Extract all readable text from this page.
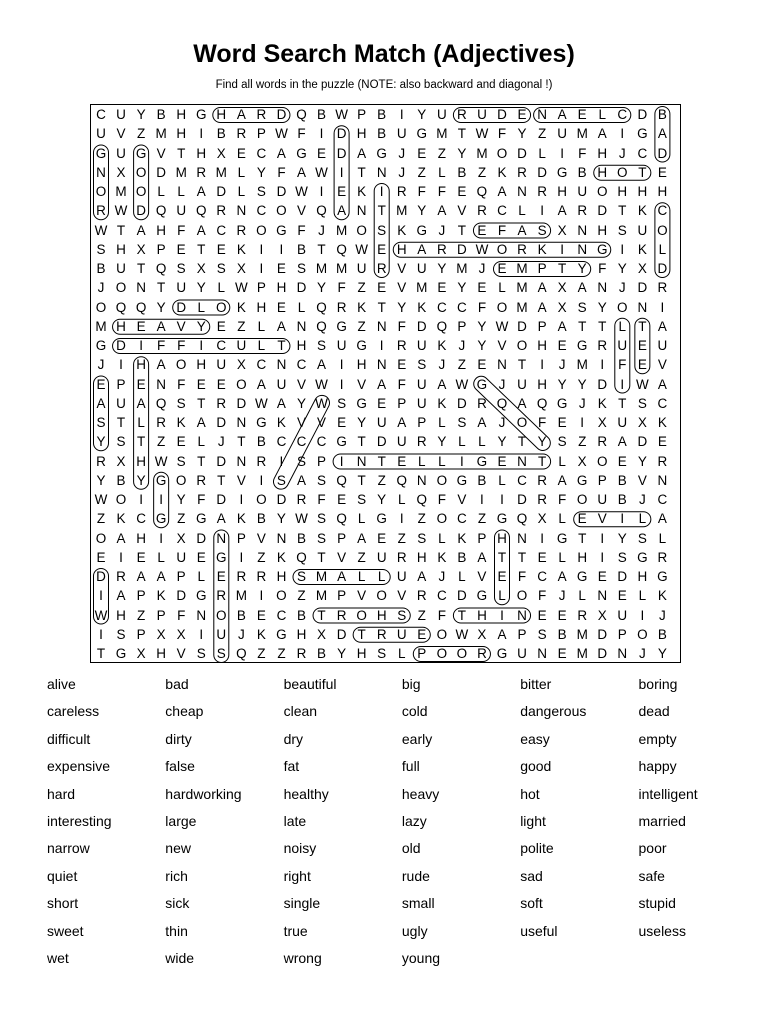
Word Search Match (Adjectives)
Find all words in the puzzle (NOTE: also backward and diagonal !)
C U Y B H G H A R D Q B W P B	I	Y U R U D E N A E L C D B
U V Z M H I	B R P W F	I D H B U G M T W F Y Z U M A	I G A
G U G V T H X E C A G E D A G J E Z Y M O D L	I	F H J C D
N X O D M R M L Y F A W I	T N J Z L B Z K R D G B H O T E
O M O L L A D L S D W I	E K	I R F F E Q A N R H U O H H H
R W D Q U Q R N C O V Q A N T M Y A V R C L	I	A R D T K C
W T A H F A C R O G F J M O S K G J T E F A S X N H S U O
S H X P E T E K	I	I	B T Q W E H A R D W O R K	I N G I	K L
B U T Q S X S X	I	E S M M U R V U Y M J E M P T Y F Y X D
J O N T U Y L W P H D Y F Z E V M E Y E L M A X A N J D R
O Q Q Y D L O K H E L Q R K T Y K C C F O M A X S Y O N I
M H E A V Y E Z L A N Q G Z N F D Q P Y W D P A T T L T A
G D I	F F	I C U L T H S U G I R U K J Y V O H E G R U E U
J	I H A O H U X C N C A	I H N E S J Z E N T	I	J M I	F E V
E P E N F E E O A U V W I	V A F U A W G J U H Y Y D I W A
A U A Q S T R D W A Y W S G E P U K D R Q A Q G J K T S C
S T L R K A D N G K V V E Y U A P L S A J O F E	I	X U X K
Y S T Z E L J T B C C C G T D U R Y L L Y T Y S Z R A D E
R X H W S T D N R I	S P	I N T E L L	I G E N T L X O E Y R
Y B Y G O R T V	I	S A S Q T Z Q N O G B L C R A G P B V N
W O I	I	Y F D I O D R F E S Y L Q F V	I	I D R F O U B J C
Z K C G Z G A K B Y W S Q L G I	Z O C Z G Q X L E V	I	L A
O A H I	X D N P V N B S P A E Z S L K P H N I G T	I	Y S L
E	I	E L U E G I	Z K Q T V Z U R H K B A T T E L H I	S G R
D R A A P L E R R H S M A L L U A J L V E F C A G E D H G
I	A P K D G R M I O Z M P V O V R C D G L O F J L N E L K
W H Z P F N O B E C B T R O H S Z F T H I N E E R X U I	J
I	S P X X	I U J K G H X D T R U E O W X A P S B M D P O B
T G X H V S S Q Z Z R B Y H S L P O O R G U N E M D N J Y
alive	bad	beautiful	big	bitter	boring
careless	cheap	clean	cold	dangerous	dead
difficult	dirty	dry	early	easy	empty
expensive	false	fat	full	good	happy
hard	hardworking	healthy	heavy	hot	intelligent
interesting	large	late	lazy	light	married
narrow	new	noisy	old	polite	poor
quiet	rich	right	rude	sad	safe
short	sick	single	small	soft	stupid
sweet	thin	true	ugly	useful	useless
wet	wide	wrong	young
